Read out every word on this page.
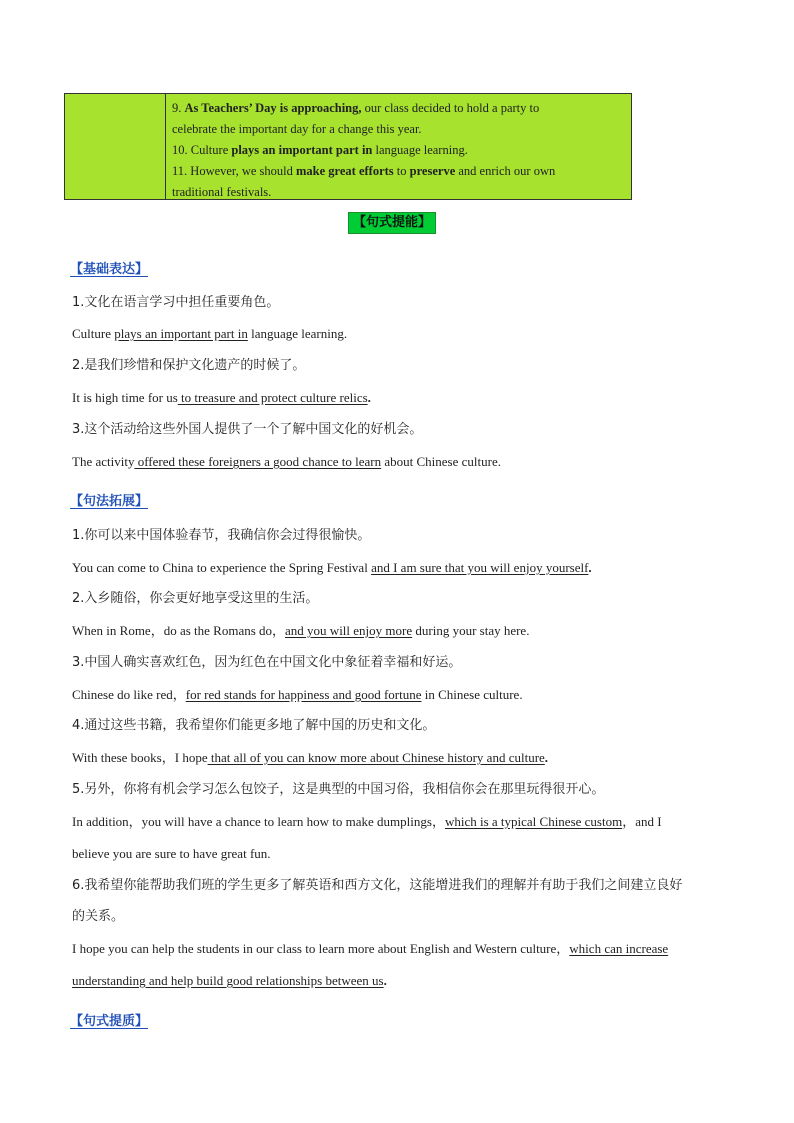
9. As Teachers’ Day is approaching, our class decided to hold a party to
celebrate the important day for a change this year.
10. Culture plays an important part in language learning.
11. However, we should make great efforts to preserve and enrich our own
traditional festivals.
【句式提能】
【基础表达】
1.文化在语言学习中担任重要角色。
Culture plays an important part in language learning.
2.是我们珍惜和保护文化遗产的时候了。
It is high time for us to treasure and protect culture relics.
3.这个活动给这些外国人提供了一个了解中国文化的好机会。
The activity offered these foreigners a good chance to learn about Chinese culture.
【句法拓展】
1.你可以来中国体验春节，我确信你会过得很愉快。
You can come to China to experience the Spring Festival and I am sure that you will enjoy yourself.
2.入乡随俗，你会更好地享受这里的生活。
When in Rome，do as the Romans do，and you will enjoy more during your stay here.
3.中国人确实喜欢红色，因为红色在中国文化中象征着幸福和好运。
Chinese do like red，for red stands for happiness and good fortune in Chinese culture.
4.通过这些书籍，我希望你们能更多地了解中国的历史和文化。
With these books，I hope that all of you can know more about Chinese history and culture.
5.另外，你将有机会学习怎么包饺子，这是典型的中国习俗，我相信你会在那里玩得很开心。
In addition，you will have a chance to learn how to make dumplings，which is a typical Chinese custom，and I
believe you are sure to have great fun.
6.我希望你能帮助我们班的学生更多了解英语和西方文化，这能增进我们的理解并有助于我们之间建立良好
的关系。
I hope you can help the students in our class to learn more about English and Western culture，which can increase
understanding and help build good relationships between us.
【句式提质】
